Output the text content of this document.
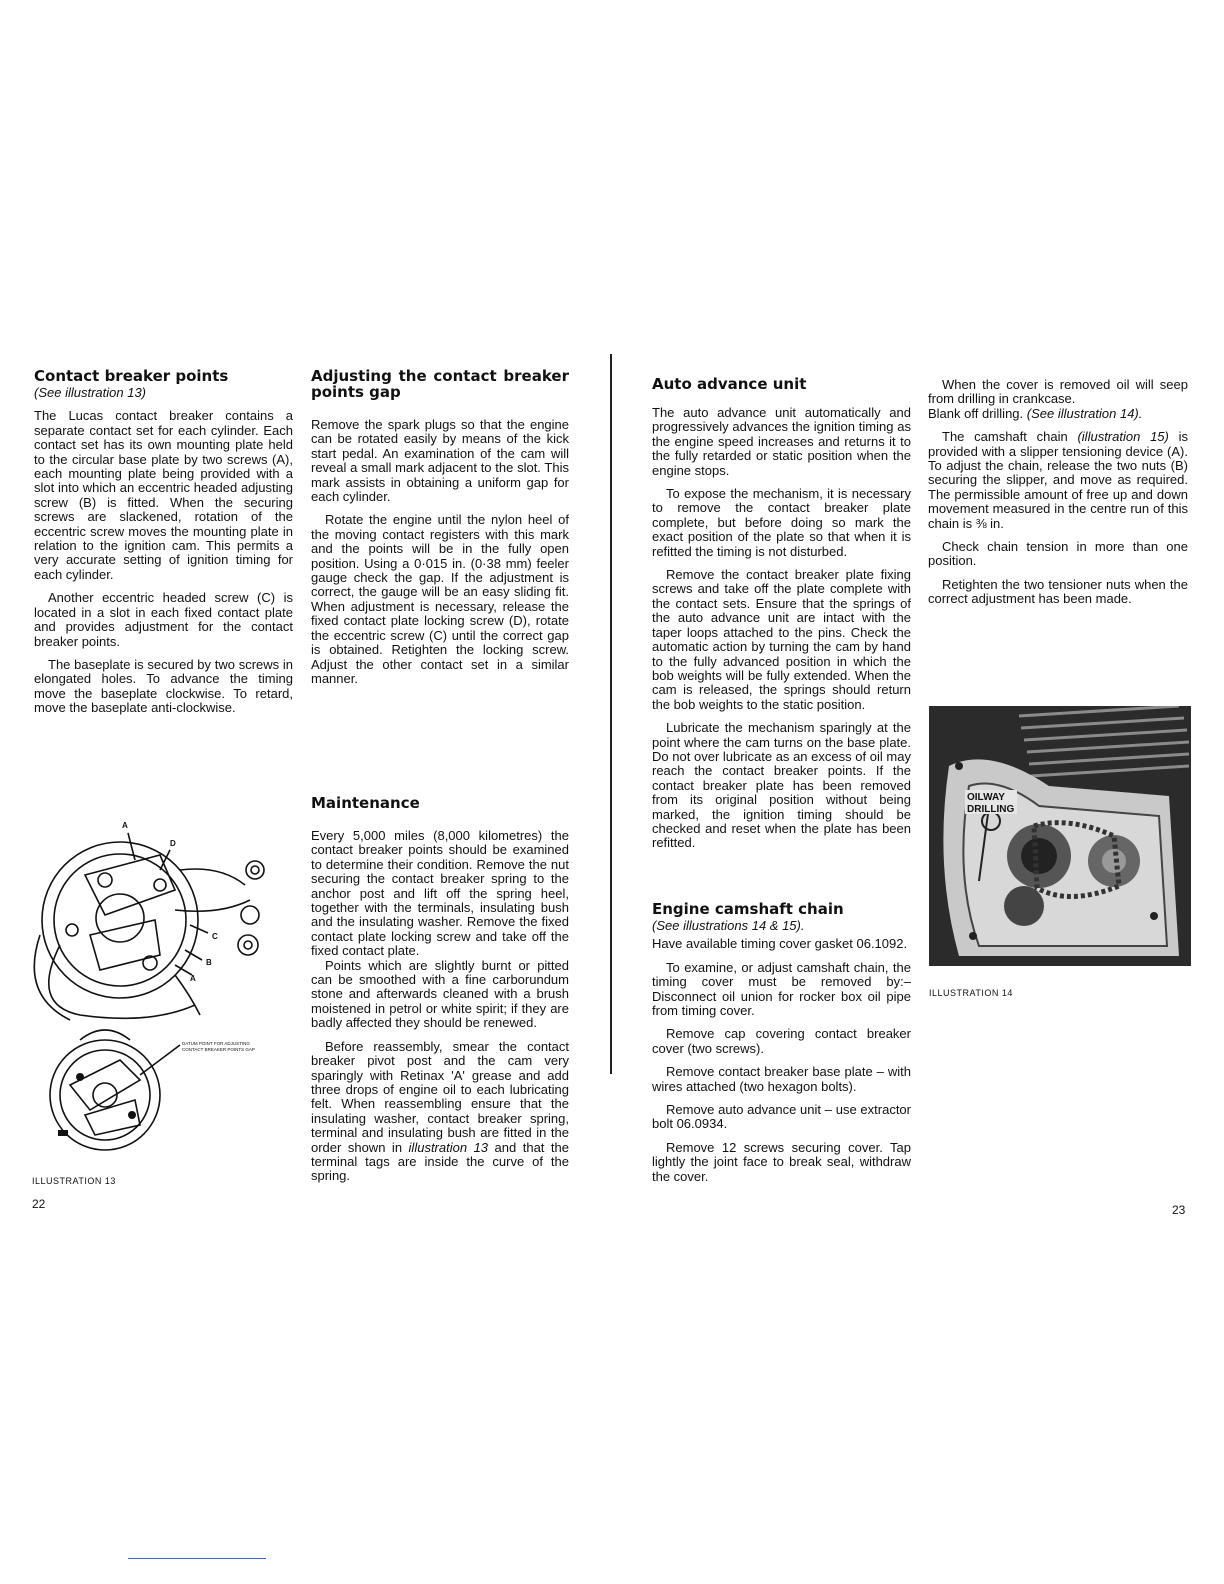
Contact breaker points

(See illustration 13)

The Lucas contact breaker contains a separate contact set for each cylinder. Each contact set has its own mounting plate held to the circular base plate by two screws (A), each mounting plate being provided with a slot into which an eccentric headed adjusting screw (B) is fitted. When the securing screws are slackened, rotation of the eccentric screw moves the mounting plate in relation to the ignition cam. This permits a very accurate setting of ignition timing for each cylinder.

Another eccentric headed screw (C) is located in a slot in each fixed contact plate and provides adjustment for the contact breaker points.

The baseplate is secured by two screws in elongated holes. To advance the timing move the baseplate clockwise. To retard, move the baseplate anti-clockwise.

Adjusting the contact breaker points gap

Remove the spark plugs so that the engine can be rotated easily by means of the kick start pedal. An examination of the cam will reveal a small mark adjacent to the slot. This mark assists in obtaining a uniform gap for each cylinder.

Rotate the engine until the nylon heel of the moving contact registers with this mark and the points will be in the fully open position. Using a 0·015 in. (0·38 mm) feeler gauge check the gap. If the adjustment is correct, the gauge will be an easy sliding fit. When adjustment is necessary, release the fixed contact plate locking screw (D), rotate the eccentric screw (C) until the correct gap is obtained. Retighten the locking screw. Adjust the other contact set in a similar manner.

Maintenance

Every 5,000 miles (8,000 kilometres) the contact breaker points should be examined to determine their condition. Remove the nut securing the contact breaker spring to the anchor post and lift off the spring heel, together with the terminals, insulating bush and the insulating washer. Remove the fixed contact plate locking screw and take off the fixed contact plate.

Points which are slightly burnt or pitted can be smoothed with a fine carborundum stone and afterwards cleaned with a brush moistened in petrol or white spirit; if they are badly affected they should be renewed.

Before reassembly, smear the contact breaker pivot post and the cam very sparingly with Retinax 'A' grease and add three drops of engine oil to each lubricating felt. When reassembling ensure that the insulating washer, contact breaker spring, terminal and insulating bush are fitted in the order shown in illustration 13 and that the terminal tags are inside the curve of the spring.

A
D
C
B
A
DATUM POINT FOR ADJUSTING
CONTACT BREAKER POINTS GAP
ILLUSTRATION 13
22
Auto advance unit

The auto advance unit automatically and progressively advances the ignition timing as the engine speed increases and returns it to the fully retarded or static position when the engine stops.

To expose the mechanism, it is necessary to remove the contact breaker plate complete, but before doing so mark the exact position of the plate so that when it is refitted the timing is not disturbed.

Remove the contact breaker plate fixing screws and take off the plate complete with the contact sets. Ensure that the springs of the auto advance unit are intact with the taper loops attached to the pins. Check the automatic action by turning the cam by hand to the fully advanced position in which the bob weights will be fully extended. When the cam is released, the springs should return the bob weights to the static position.

Lubricate the mechanism sparingly at the point where the cam turns on the base plate. Do not over lubricate as an excess of oil may reach the contact breaker points. If the contact breaker plate has been removed from its original position without being marked, the ignition timing should be checked and reset when the plate has been refitted.

Engine camshaft chain

(See illustrations 14 & 15).

Have available timing cover gasket 06.1092.

To examine, or adjust camshaft chain, the timing cover must be removed by:– Disconnect oil union for rocker box oil pipe from timing cover.

Remove cap covering contact breaker cover (two screws).

Remove contact breaker base plate – with wires attached (two hexagon bolts).

Remove auto advance unit – use extractor bolt 06.0934.

Remove 12 screws securing cover. Tap lightly the joint face to break seal, withdraw the cover.

When the cover is removed oil will seep from drilling in crankcase.

Blank off drilling. (See illustration 14).

The camshaft chain (illustration 15) is provided with a slipper tensioning device (A). To adjust the chain, release the two nuts (B) securing the slipper, and move as required. The permissible amount of free up and down movement measured in the centre run of this chain is ⅜ in.

Check chain tension in more than one position.

Retighten the two tensioner nuts when the correct adjustment has been made.

OILWAY
DRILLING
ILLUSTRATION 14
23
